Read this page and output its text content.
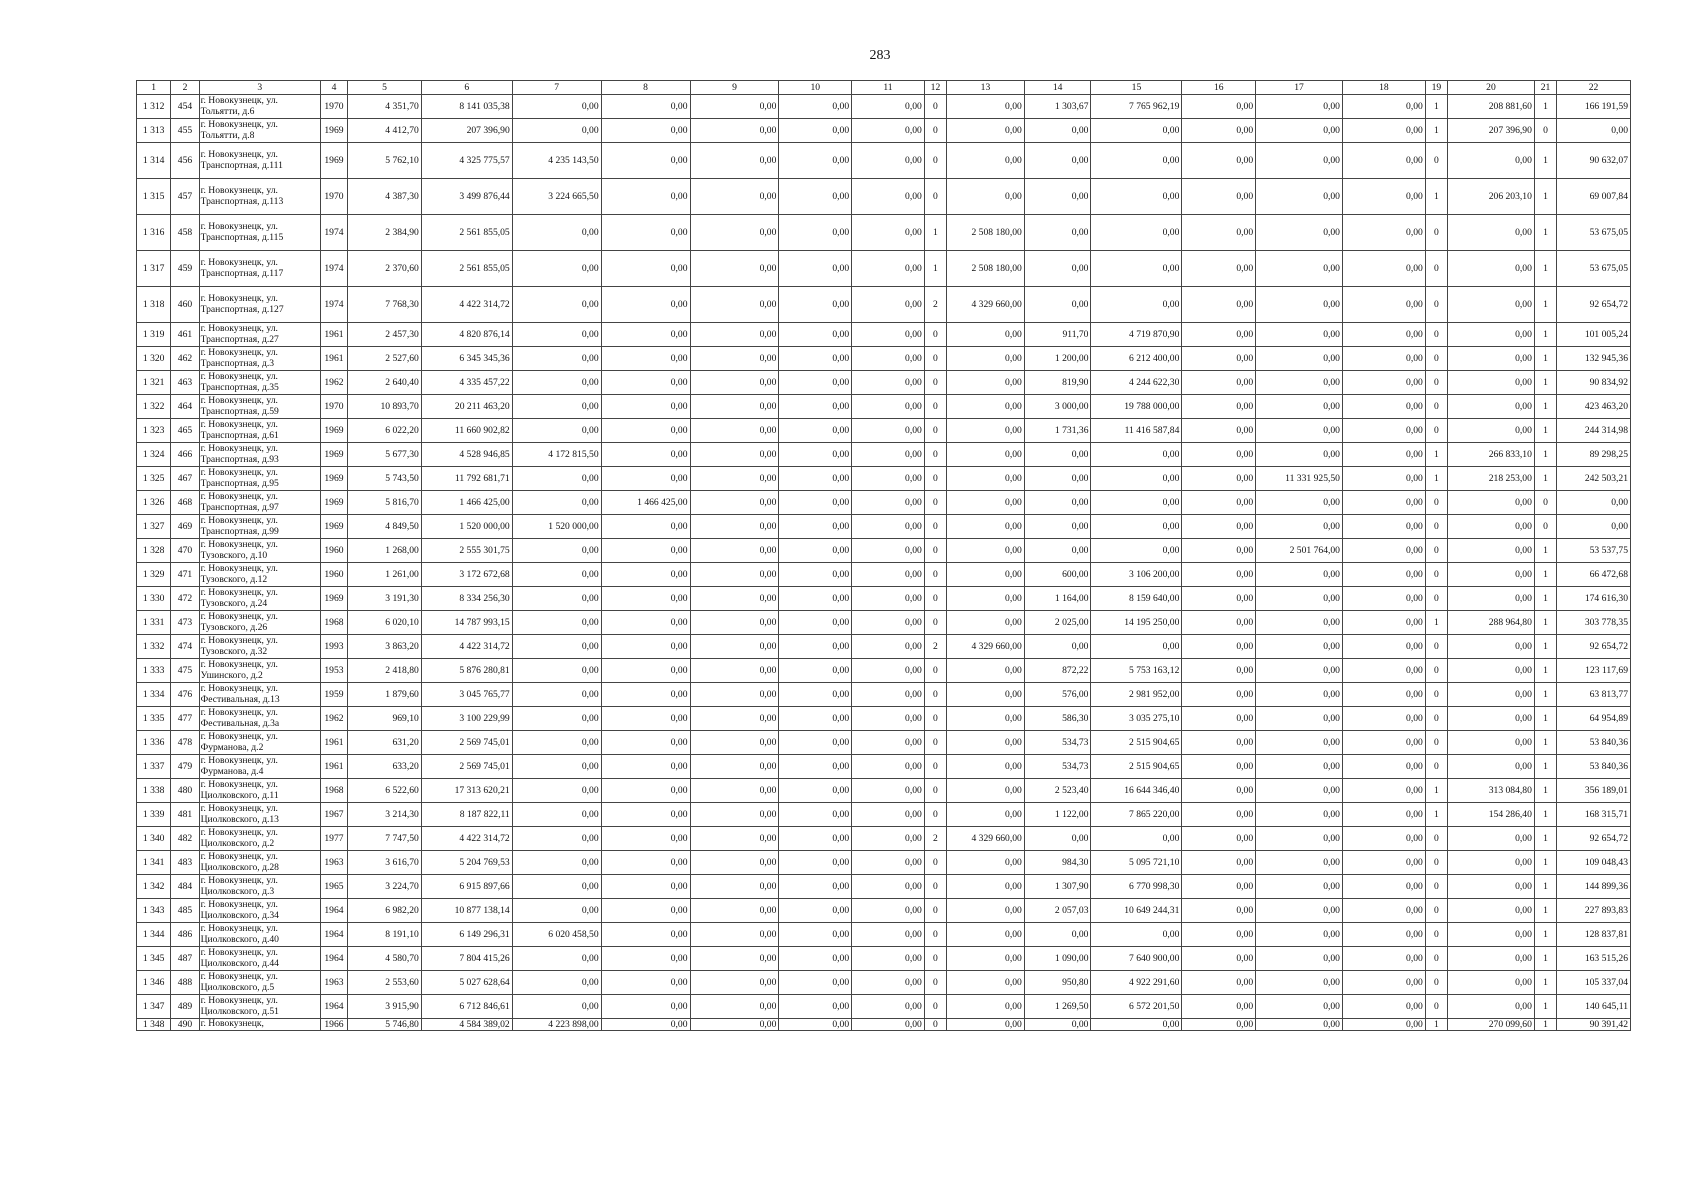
283
1	2	3	4	5	6	7	8	9	10	11	12	13	14	15	16	17	18	19	20	21	22
1 312	454	г. Новокузнецк, ул. Тольятти, д.6	1970	4 351,70	8 141 035,38	0,00	0,00	0,00	0,00	0,00	0	0,00	1 303,67	7 765 962,19	0,00	0,00	0,00	1	208 881,60	1	166 191,59
1 313	455	г. Новокузнецк, ул. Тольятти, д.8	1969	4 412,70	207 396,90	0,00	0,00	0,00	0,00	0,00	0	0,00	0,00	0,00	0,00	0,00	0,00	1	207 396,90	0	0,00
1 314	456	г. Новокузнецк, ул. Транспортная, д.111	1969	5 762,10	4 325 775,57	4 235 143,50	0,00	0,00	0,00	0,00	0	0,00	0,00	0,00	0,00	0,00	0,00	0	0,00	1	90 632,07
1 315	457	г. Новокузнецк, ул. Транспортная, д.113	1970	4 387,30	3 499 876,44	3 224 665,50	0,00	0,00	0,00	0,00	0	0,00	0,00	0,00	0,00	0,00	0,00	1	206 203,10	1	69 007,84
1 316	458	г. Новокузнецк, ул. Транспортная, д.115	1974	2 384,90	2 561 855,05	0,00	0,00	0,00	0,00	0,00	1	2 508 180,00	0,00	0,00	0,00	0,00	0,00	0	0,00	1	53 675,05
1 317	459	г. Новокузнецк, ул. Транспортная, д.117	1974	2 370,60	2 561 855,05	0,00	0,00	0,00	0,00	0,00	1	2 508 180,00	0,00	0,00	0,00	0,00	0,00	0	0,00	1	53 675,05
1 318	460	г. Новокузнецк, ул. Транспортная, д.127	1974	7 768,30	4 422 314,72	0,00	0,00	0,00	0,00	0,00	2	4 329 660,00	0,00	0,00	0,00	0,00	0,00	0	0,00	1	92 654,72
1 319	461	г. Новокузнецк, ул. Транспортная, д.27	1961	2 457,30	4 820 876,14	0,00	0,00	0,00	0,00	0,00	0	0,00	911,70	4 719 870,90	0,00	0,00	0,00	0	0,00	1	101 005,24
1 320	462	г. Новокузнецк, ул. Транспортная, д.3	1961	2 527,60	6 345 345,36	0,00	0,00	0,00	0,00	0,00	0	0,00	1 200,00	6 212 400,00	0,00	0,00	0,00	0	0,00	1	132 945,36
1 321	463	г. Новокузнецк, ул. Транспортная, д.35	1962	2 640,40	4 335 457,22	0,00	0,00	0,00	0,00	0,00	0	0,00	819,90	4 244 622,30	0,00	0,00	0,00	0	0,00	1	90 834,92
1 322	464	г. Новокузнецк, ул. Транспортная, д.59	1970	10 893,70	20 211 463,20	0,00	0,00	0,00	0,00	0,00	0	0,00	3 000,00	19 788 000,00	0,00	0,00	0,00	0	0,00	1	423 463,20
1 323	465	г. Новокузнецк, ул. Транспортная, д.61	1969	6 022,20	11 660 902,82	0,00	0,00	0,00	0,00	0,00	0	0,00	1 731,36	11 416 587,84	0,00	0,00	0,00	0	0,00	1	244 314,98
1 324	466	г. Новокузнецк, ул. Транспортная, д.93	1969	5 677,30	4 528 946,85	4 172 815,50	0,00	0,00	0,00	0,00	0	0,00	0,00	0,00	0,00	0,00	0,00	1	266 833,10	1	89 298,25
1 325	467	г. Новокузнецк, ул. Транспортная, д.95	1969	5 743,50	11 792 681,71	0,00	0,00	0,00	0,00	0,00	0	0,00	0,00	0,00	0,00	11 331 925,50	0,00	1	218 253,00	1	242 503,21
1 326	468	г. Новокузнецк, ул. Транспортная, д.97	1969	5 816,70	1 466 425,00	0,00	1 466 425,00	0,00	0,00	0,00	0	0,00	0,00	0,00	0,00	0,00	0,00	0	0,00	0	0,00
1 327	469	г. Новокузнецк, ул. Транспортная, д.99	1969	4 849,50	1 520 000,00	1 520 000,00	0,00	0,00	0,00	0,00	0	0,00	0,00	0,00	0,00	0,00	0,00	0	0,00	0	0,00
1 328	470	г. Новокузнецк, ул. Тузовского, д.10	1960	1 268,00	2 555 301,75	0,00	0,00	0,00	0,00	0,00	0	0,00	0,00	0,00	0,00	2 501 764,00	0,00	0	0,00	1	53 537,75
1 329	471	г. Новокузнецк, ул. Тузовского, д.12	1960	1 261,00	3 172 672,68	0,00	0,00	0,00	0,00	0,00	0	0,00	600,00	3 106 200,00	0,00	0,00	0,00	0	0,00	1	66 472,68
1 330	472	г. Новокузнецк, ул. Тузовского, д.24	1969	3 191,30	8 334 256,30	0,00	0,00	0,00	0,00	0,00	0	0,00	1 164,00	8 159 640,00	0,00	0,00	0,00	0	0,00	1	174 616,30
1 331	473	г. Новокузнецк, ул. Тузовского, д.26	1968	6 020,10	14 787 993,15	0,00	0,00	0,00	0,00	0,00	0	0,00	2 025,00	14 195 250,00	0,00	0,00	0,00	1	288 964,80	1	303 778,35
1 332	474	г. Новокузнецк, ул. Тузовского, д.32	1993	3 863,20	4 422 314,72	0,00	0,00	0,00	0,00	0,00	2	4 329 660,00	0,00	0,00	0,00	0,00	0,00	0	0,00	1	92 654,72
1 333	475	г. Новокузнецк, ул. Ушинского, д.2	1953	2 418,80	5 876 280,81	0,00	0,00	0,00	0,00	0,00	0	0,00	872,22	5 753 163,12	0,00	0,00	0,00	0	0,00	1	123 117,69
1 334	476	г. Новокузнецк, ул. Фестивальная, д.13	1959	1 879,60	3 045 765,77	0,00	0,00	0,00	0,00	0,00	0	0,00	576,00	2 981 952,00	0,00	0,00	0,00	0	0,00	1	63 813,77
1 335	477	г. Новокузнецк, ул. Фестивальная, д.3а	1962	969,10	3 100 229,99	0,00	0,00	0,00	0,00	0,00	0	0,00	586,30	3 035 275,10	0,00	0,00	0,00	0	0,00	1	64 954,89
1 336	478	г. Новокузнецк, ул. Фурманова, д.2	1961	631,20	2 569 745,01	0,00	0,00	0,00	0,00	0,00	0	0,00	534,73	2 515 904,65	0,00	0,00	0,00	0	0,00	1	53 840,36
1 337	479	г. Новокузнецк, ул. Фурманова, д.4	1961	633,20	2 569 745,01	0,00	0,00	0,00	0,00	0,00	0	0,00	534,73	2 515 904,65	0,00	0,00	0,00	0	0,00	1	53 840,36
1 338	480	г. Новокузнецк, ул. Циолковского, д.11	1968	6 522,60	17 313 620,21	0,00	0,00	0,00	0,00	0,00	0	0,00	2 523,40	16 644 346,40	0,00	0,00	0,00	1	313 084,80	1	356 189,01
1 339	481	г. Новокузнецк, ул. Циолковского, д.13	1967	3 214,30	8 187 822,11	0,00	0,00	0,00	0,00	0,00	0	0,00	1 122,00	7 865 220,00	0,00	0,00	0,00	1	154 286,40	1	168 315,71
1 340	482	г. Новокузнецк, ул. Циолковского, д.2	1977	7 747,50	4 422 314,72	0,00	0,00	0,00	0,00	0,00	2	4 329 660,00	0,00	0,00	0,00	0,00	0,00	0	0,00	1	92 654,72
1 341	483	г. Новокузнецк, ул. Циолковского, д.28	1963	3 616,70	5 204 769,53	0,00	0,00	0,00	0,00	0,00	0	0,00	984,30	5 095 721,10	0,00	0,00	0,00	0	0,00	1	109 048,43
1 342	484	г. Новокузнецк, ул. Циолковского, д.3	1965	3 224,70	6 915 897,66	0,00	0,00	0,00	0,00	0,00	0	0,00	1 307,90	6 770 998,30	0,00	0,00	0,00	0	0,00	1	144 899,36
1 343	485	г. Новокузнецк, ул. Циолковского, д.34	1964	6 982,20	10 877 138,14	0,00	0,00	0,00	0,00	0,00	0	0,00	2 057,03	10 649 244,31	0,00	0,00	0,00	0	0,00	1	227 893,83
1 344	486	г. Новокузнецк, ул. Циолковского, д.40	1964	8 191,10	6 149 296,31	6 020 458,50	0,00	0,00	0,00	0,00	0	0,00	0,00	0,00	0,00	0,00	0,00	0	0,00	1	128 837,81
1 345	487	г. Новокузнецк, ул. Циолковского, д.44	1964	4 580,70	7 804 415,26	0,00	0,00	0,00	0,00	0,00	0	0,00	1 090,00	7 640 900,00	0,00	0,00	0,00	0	0,00	1	163 515,26
1 346	488	г. Новокузнецк, ул. Циолковского, д.5	1963	2 553,60	5 027 628,64	0,00	0,00	0,00	0,00	0,00	0	0,00	950,80	4 922 291,60	0,00	0,00	0,00	0	0,00	1	105 337,04
1 347	489	г. Новокузнецк, ул. Циолковского, д.51	1964	3 915,90	6 712 846,61	0,00	0,00	0,00	0,00	0,00	0	0,00	1 269,50	6 572 201,50	0,00	0,00	0,00	0	0,00	1	140 645,11
1 348	490	г. Новокузнецк,	1966	5 746,80	4 584 389,02	4 223 898,00	0,00	0,00	0,00	0,00	0	0,00	0,00	0,00	0,00	0,00	0,00	1	270 099,60	1	90 391,42
